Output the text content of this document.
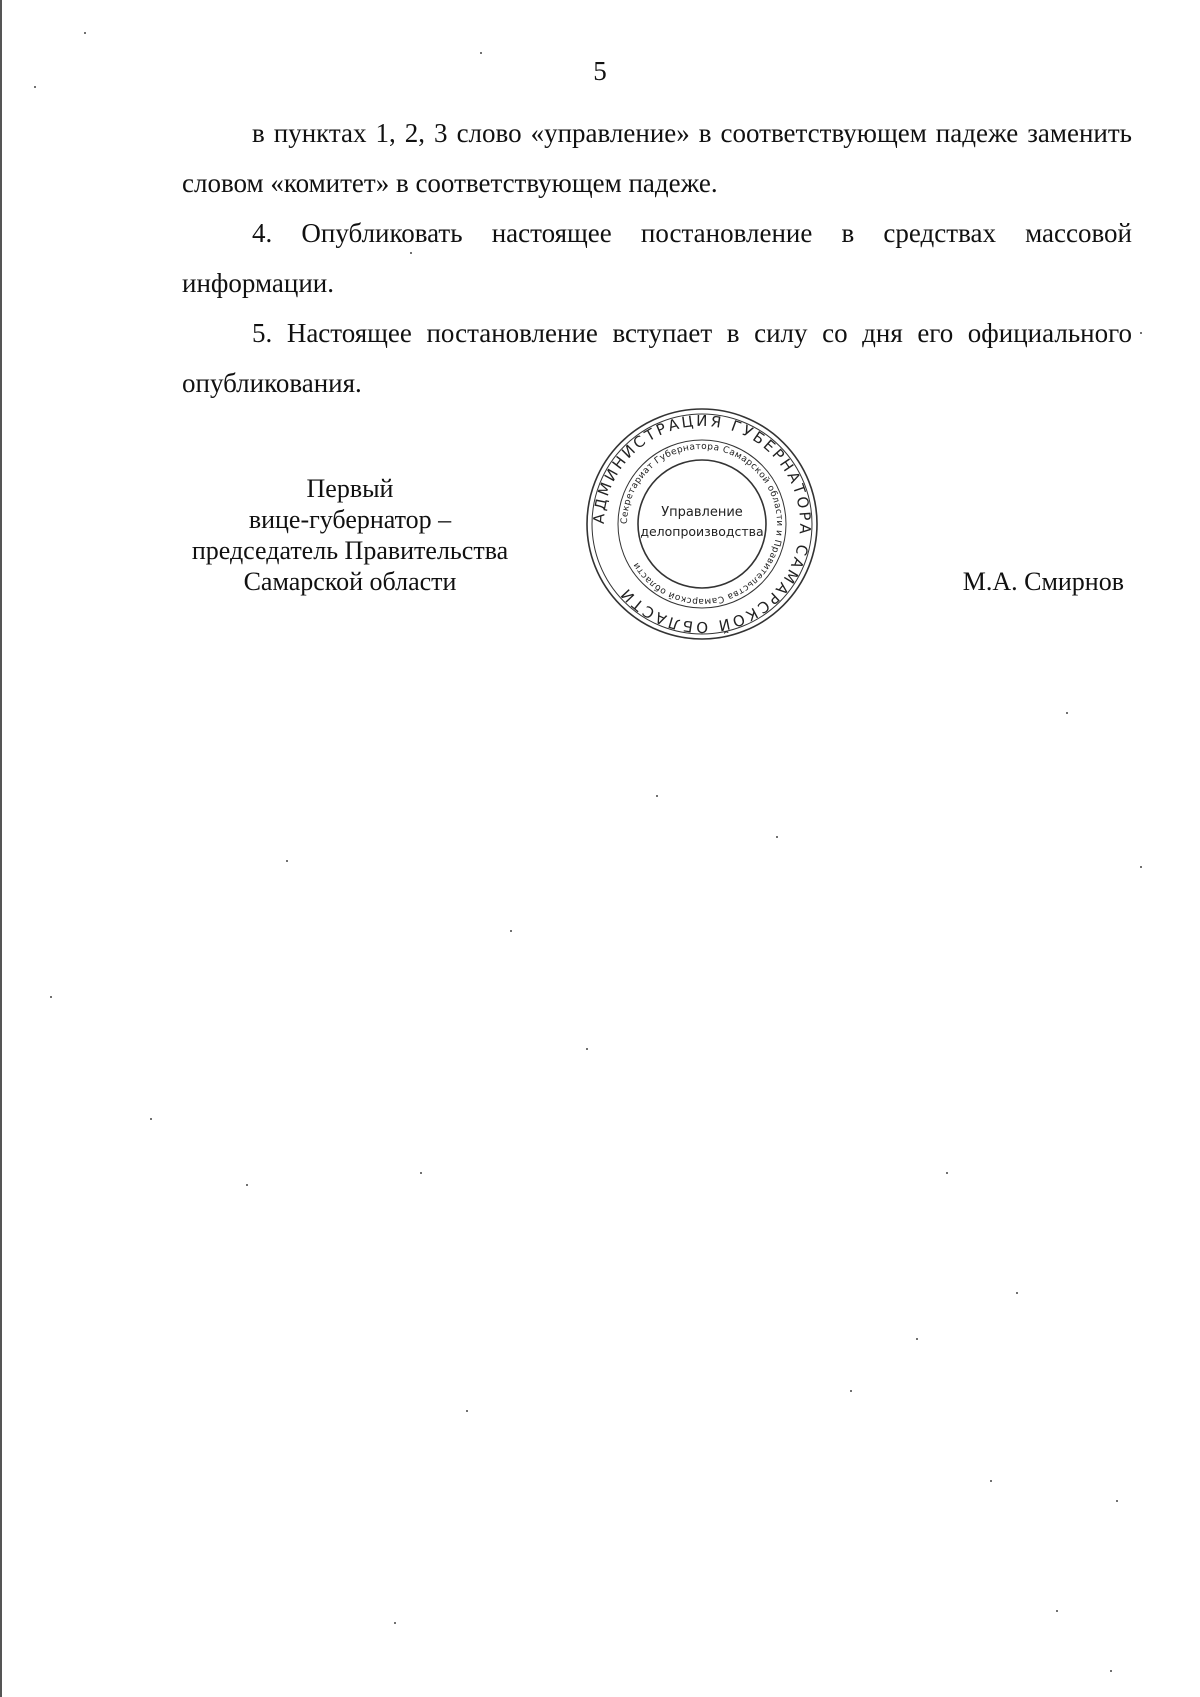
5

в пунктах 1, 2, 3 слово «управление» в соответствующем падеже заменить словом «комитет» в соответствующем падеже.

4. Опубликовать настоящее постановление в средствах массовой информации.

5. Настоящее постановление вступает в силу со дня его официального опубликования.

Первый
вице-губернатор –
председатель Правительства
Самарской области
АДМИНИСТРАЦИЯ ГУБЕРНАТОРА САМАРСКОЙ ОБЛАСТИ
Секретариат Губернатора Самарской области и Правительства Самарской области
Управление
делопроизводства
М.А. Смирнов
